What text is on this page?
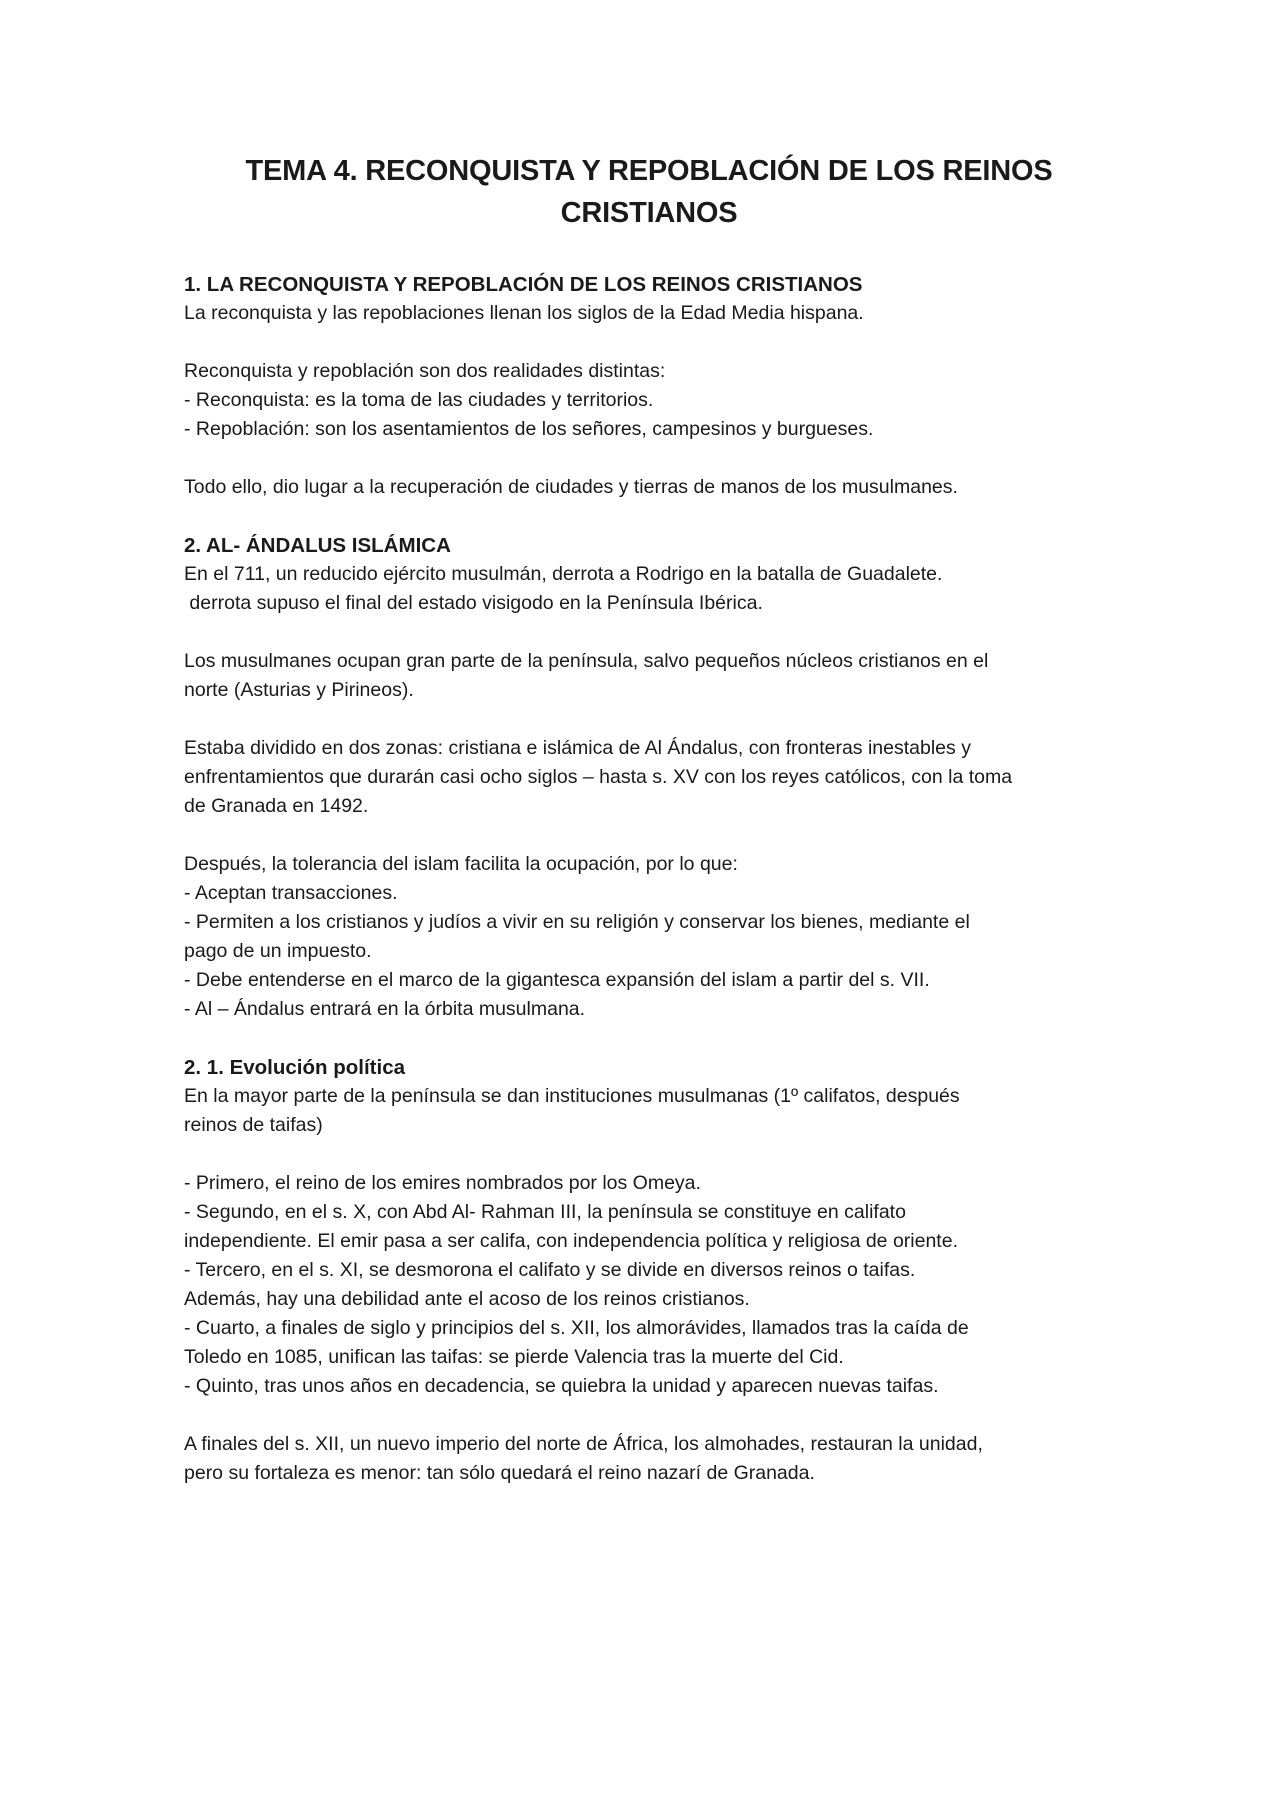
TEMA 4. RECONQUISTA Y REPOBLACIÓN DE LOS REINOS
CRISTIANOS

1. LA RECONQUISTA Y REPOBLACIÓN DE LOS REINOS CRISTIANOS

La reconquista y las repoblaciones llenan los siglos de la Edad Media hispana.

Reconquista y repoblación son dos realidades distintas:

- Reconquista: es la toma de las ciudades y territorios.

- Repoblación: son los asentamientos de los señores, campesinos y burgueses.

Todo ello, dio lugar a la recuperación de ciudades y tierras de manos de los musulmanes.

2. AL- ÁNDALUS ISLÁMICA

En el 711, un reducido ejército musulmán, derrota a Rodrigo en la batalla de Guadalete.

derrota supuso el final del estado visigodo en la Península Ibérica.

Los musulmanes ocupan gran parte de la península, salvo pequeños núcleos cristianos en el

norte (Asturias y Pirineos).

Estaba dividido en dos zonas: cristiana e islámica de Al Ándalus, con fronteras inestables y

enfrentamientos que durarán casi ocho siglos – hasta s. XV con los reyes católicos, con la toma

de Granada en 1492.

Después, la tolerancia del islam facilita la ocupación, por lo que:

- Aceptan transacciones.

- Permiten a los cristianos y judíos a vivir en su religión y conservar los bienes, mediante el

pago de un impuesto.

- Debe entenderse en el marco de la gigantesca expansión del islam a partir del s. VII.

- Al – Ándalus entrará en la órbita musulmana.

2. 1. Evolución política

En la mayor parte de la península se dan instituciones musulmanas (1º califatos, después

reinos de taifas)

- Primero, el reino de los emires nombrados por los Omeya.

- Segundo, en el s. X, con Abd Al- Rahman III, la península se constituye en califato

independiente. El emir pasa a ser califa, con independencia política y religiosa de oriente.

- Tercero, en el s. XI, se desmorona el califato y se divide en diversos reinos o taifas.

Además, hay una debilidad ante el acoso de los reinos cristianos.

- Cuarto, a finales de siglo y principios del s. XII, los almorávides, llamados tras la caída de

Toledo en 1085, unifican las taifas: se pierde Valencia tras la muerte del Cid.

- Quinto, tras unos años en decadencia, se quiebra la unidad y aparecen nuevas taifas.

A finales del s. XII, un nuevo imperio del norte de África, los almohades, restauran la unidad,

pero su fortaleza es menor: tan sólo quedará el reino nazarí de Granada.
